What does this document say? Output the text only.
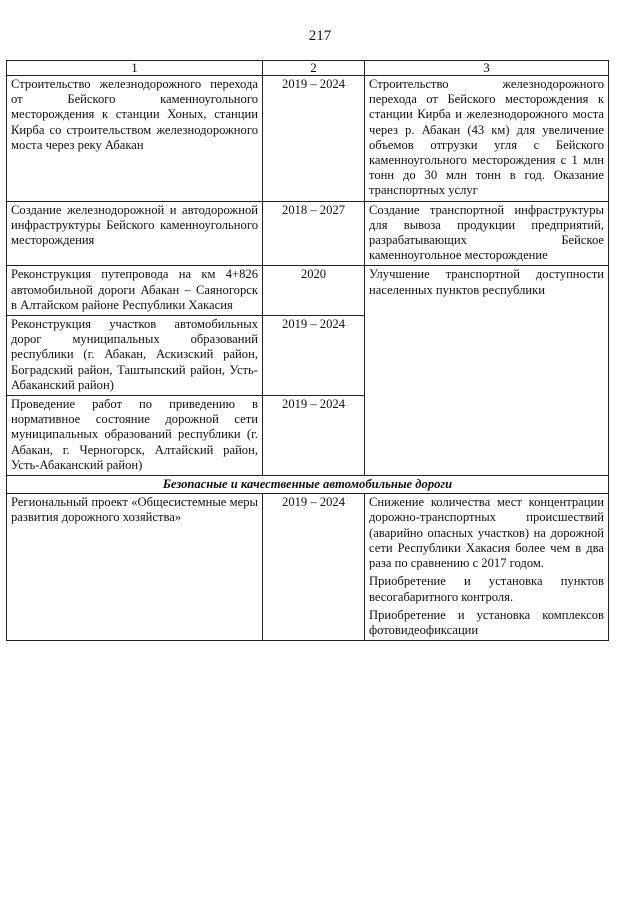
217
1	2	3
Строительство железнодорожного перехода от Бейского каменноугольного месторождения к станции Хоных, станции Кирба со строительством железнодорожного моста через реку Абакан	2019 – 2024	Строительство железнодорожного перехода от Бейского месторождения к станции Кирба и железнодорожного моста через р. Абакан (43 км) для увеличение объемов отгрузки угля с Бейского каменноугольного месторождения с 1 млн тонн до 30 млн тонн в год. Оказание транспортных услуг
Создание железнодорожной и автодорожной инфраструктуры Бейского каменноугольного месторождения	2018 – 2027	Создание транспортной инфраструктуры для вывоза продукции предприятий, разрабатывающих Бейское каменноугольное месторождение
Реконструкция путепровода на км 4+826 автомобильной дороги Абакан – Саяногорск в Алтайском районе Республики Хакасия	2020	Улучшение транспортной доступности населенных пунктов республики
Реконструкция участков автомобильных дорог муниципальных образований республики (г. Абакан, Аскизский район, Боградский район, Таштыпский район, Усть-Абаканский район)	2019 – 2024	
Проведение работ по приведению в нормативное состояние дорожной сети муниципальных образований республики (г. Абакан, г. Черногорск, Алтайский район, Усть-Абаканский район)	2019 – 2024	
Безопасные и качественные автомобильные дороги		
Региональный проект «Общесистемные меры развития дорожного хозяйства»	2019 – 2024	Снижение количества мест концентрации дорожно-транспортных происшествий (аварийно опасных участков) на дорожной сети Республики Хакасия более чем в два раза по сравнению с 2017 годом.
Приобретение и установка пунктов весогабаритного контроля.
Приобретение и установка комплексов фотовидеофиксации
